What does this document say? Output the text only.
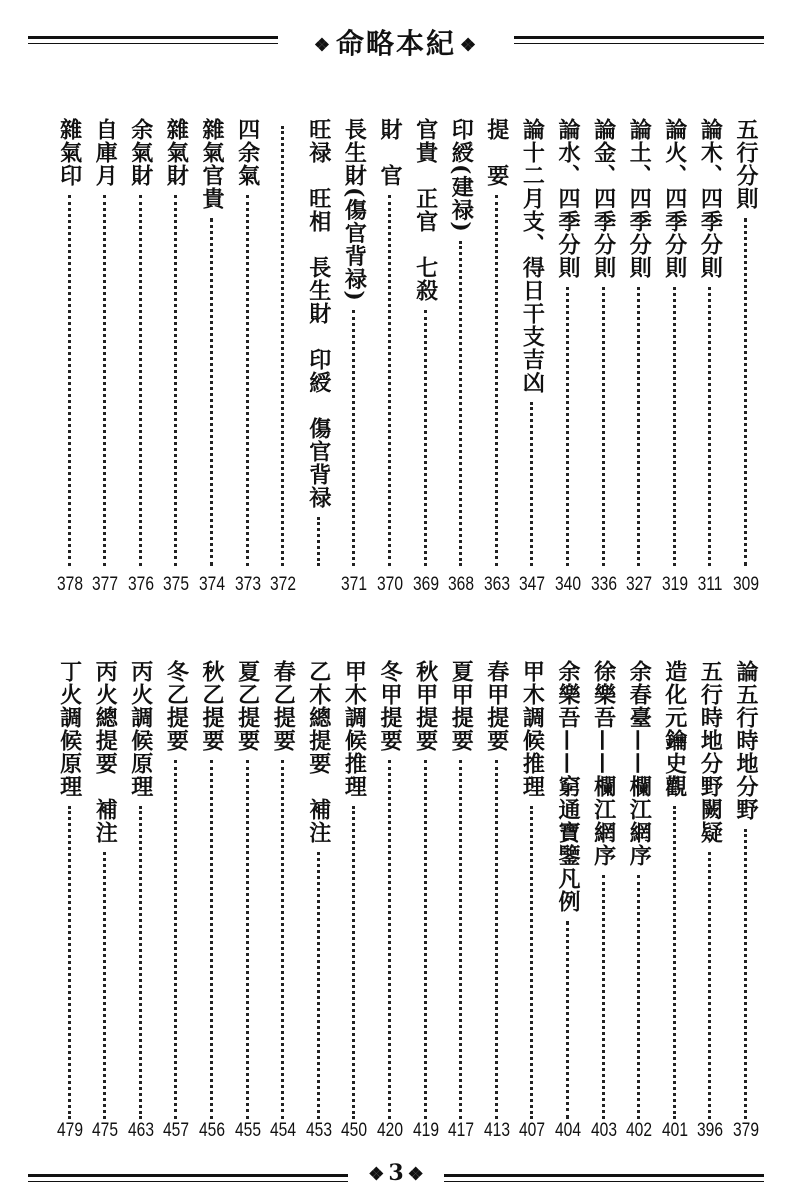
❖ 命略本紀 ❖
五行分則
309
論木、四季分則
311
論火、四季分則
319
論土、四季分則
327
論金、四季分則
336
論水、四季分則
340
論十二月支、得日干支吉凶
347
提　要
363
印綬(建禄)
368
官貴　正官　七殺
369
財　官
370
長生財(傷官背禄)
371
旺禄　旺相　長生財　印綬　傷官背禄
372
四余氣
373
雜氣官貴
374
雜氣財
375
余氣財
376
自庫月
377
雜氣印
378
論五行時地分野
379
五行時地分野闕疑
396
造化元鑰史觀
401
余春臺——欄江網序
402
徐樂吾——欄江網序
403
余樂吾——窮通寶鑒凡例
404
甲木調候推理
407
春甲提要
413
夏甲提要
417
秋甲提要
419
冬甲提要
420
甲木調候推理
450
乙木總提要　補注
453
春乙提要
454
夏乙提要
455
秋乙提要
456
冬乙提要
457
丙火調候原理
463
丙火總提要　補注
475
丁火調候原理
479
❖ 3 ❖
